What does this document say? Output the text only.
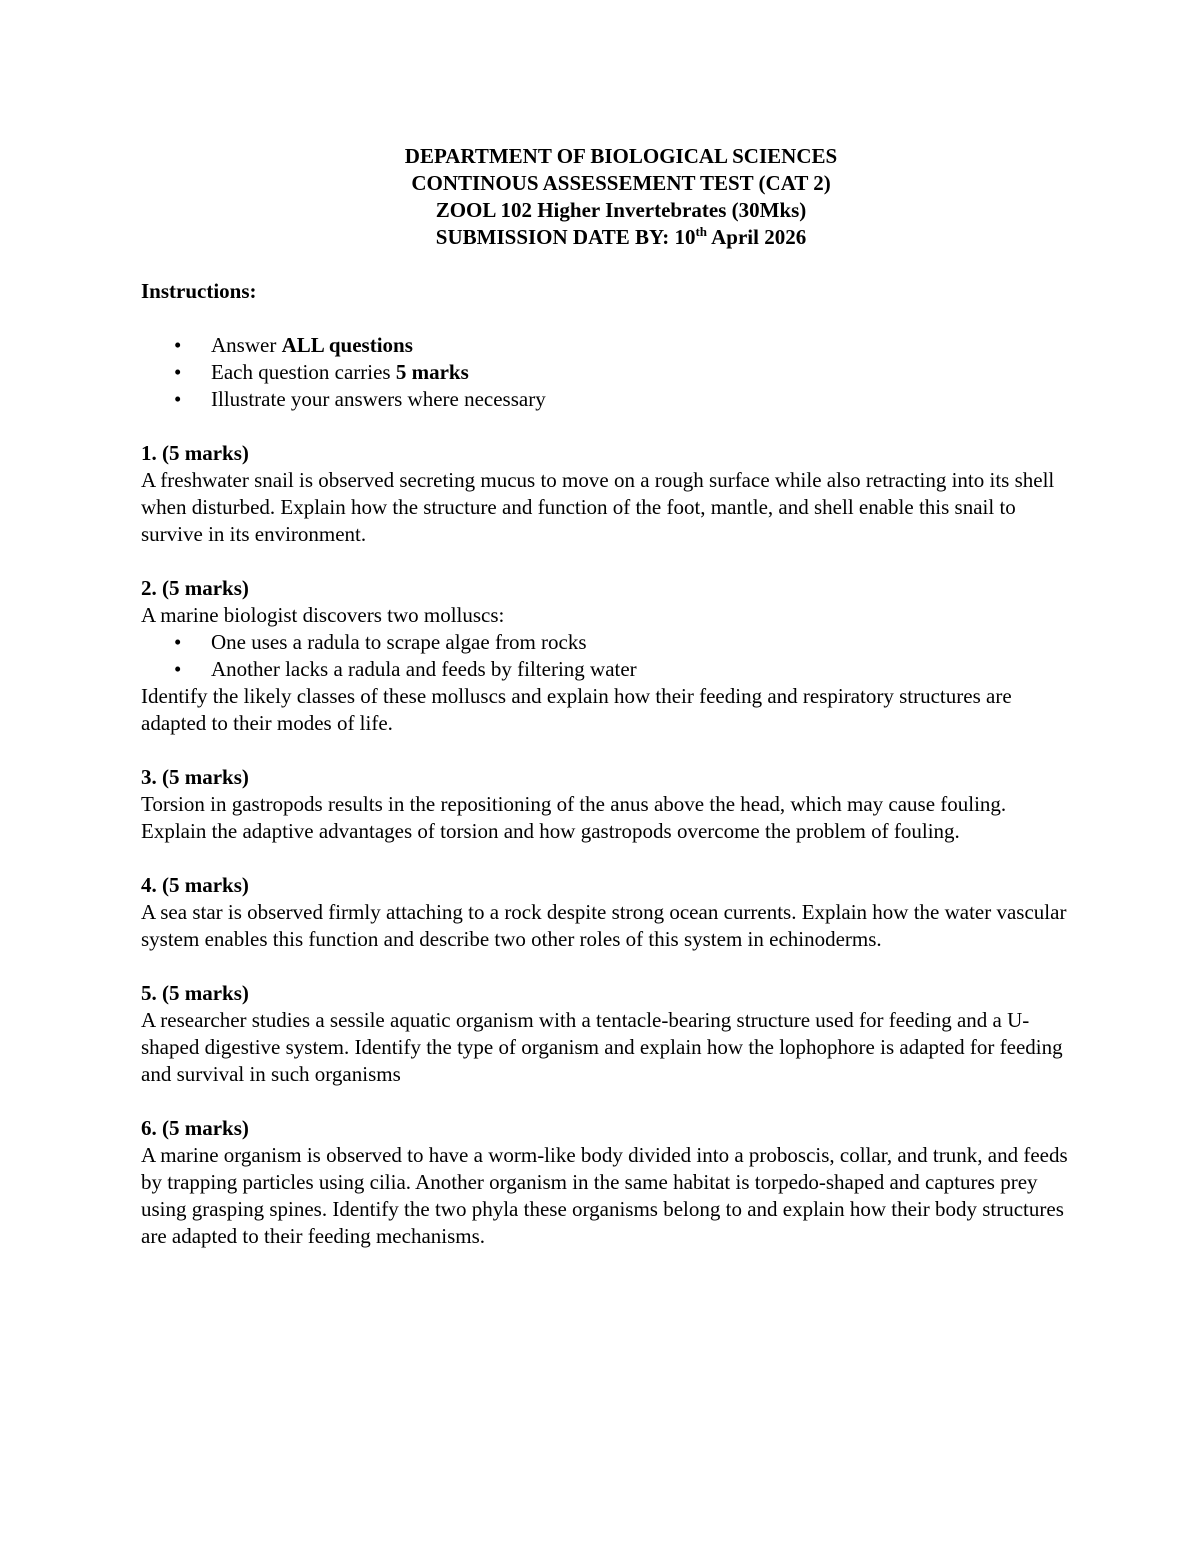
DEPARTMENT OF BIOLOGICAL SCIENCES
CONTINOUS ASSESSEMENT TEST (CAT 2)
ZOOL 102 Higher Invertebrates (30Mks)
SUBMISSION DATE BY: 10th April 2026
Instructions:
• Answer ALL questions
• Each question carries 5 marks
• Illustrate your answers where necessary
1. (5 marks)
A freshwater snail is observed secreting mucus to move on a rough surface while also retracting into its shell when disturbed. Explain how the structure and function of the foot, mantle, and shell enable this snail to survive in its environment.
2. (5 marks)
A marine biologist discovers two molluscs:
• One uses a radula to scrape algae from rocks
• Another lacks a radula and feeds by filtering water
Identify the likely classes of these molluscs and explain how their feeding and respiratory structures are adapted to their modes of life.
3. (5 marks)
Torsion in gastropods results in the repositioning of the anus above the head, which may cause fouling.
Explain the adaptive advantages of torsion and how gastropods overcome the problem of fouling.
4. (5 marks)
A sea star is observed firmly attaching to a rock despite strong ocean currents. Explain how the water vascular system enables this function and describe two other roles of this system in echinoderms.
5. (5 marks)
A researcher studies a sessile aquatic organism with a tentacle-bearing structure used for feeding and a U-shaped digestive system. Identify the type of organism and explain how the lophophore is adapted for feeding and survival in such organisms
6. (5 marks)
A marine organism is observed to have a worm-like body divided into a proboscis, collar, and trunk, and feeds by trapping particles using cilia. Another organism in the same habitat is torpedo-shaped and captures prey using grasping spines. Identify the two phyla these organisms belong to and explain how their body structures are adapted to their feeding mechanisms.
